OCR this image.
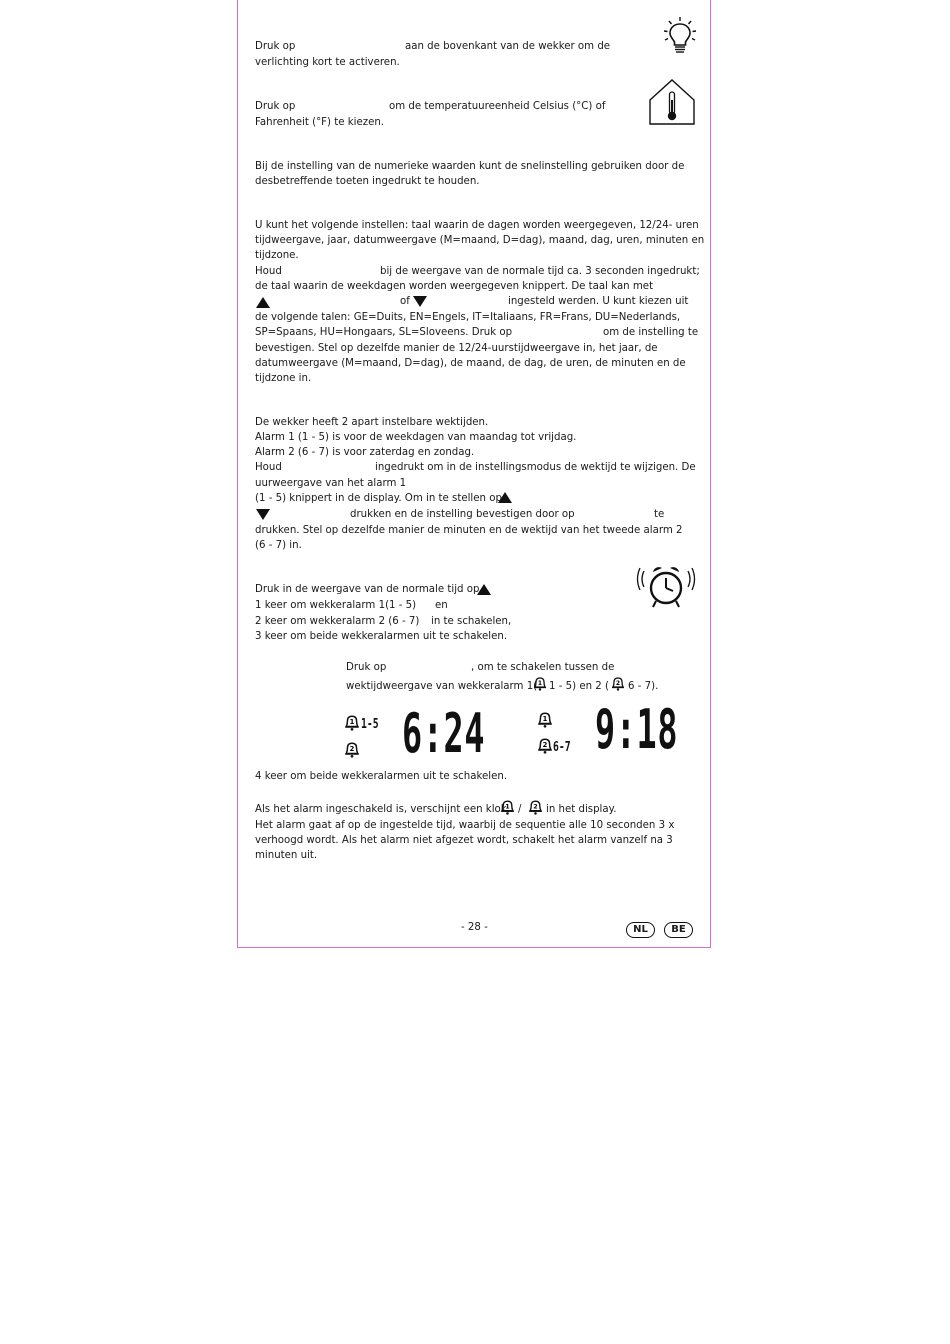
Druk op	aan de bovenkant van de wekker om de
verlichting kort te activeren.
Druk op	om de temperatuureenheid Celsius (°C) of
Fahrenheit (°F) te kiezen.
Bij de instelling van de numerieke waarden kunt de snelinstelling gebruiken door de
desbetreffende toeten ingedrukt te houden.
U kunt het volgende instellen: taal waarin de dagen worden weergegeven, 12/24- uren
tijdweergave, jaar, datumweergave (M=maand, D=dag), maand, dag, uren, minuten en
tijdzone.
Houd	bij de weergave van de normale tijd ca. 3 seconden ingedrukt;
de taal waarin de weekdagen worden weergegeven knippert. De taal kan met
of	ingesteld werden. U kunt kiezen uit
de volgende talen: GE=Duits, EN=Engels, IT=Italiaans, FR=Frans, DU=Nederlands,
SP=Spaans, HU=Hongaars, SL=Sloveens. Druk op	om de instelling te
bevestigen. Stel op dezelfde manier de 12/24-uurstijdweergave in, het jaar, de
datumweergave (M=maand, D=dag), de maand, de dag, de uren, de minuten en de
tijdzone in.
De wekker heeft 2 apart instelbare wektijden.
Alarm 1 (1 - 5) is voor de weekdagen van maandag tot vrijdag.
Alarm 2 (6 - 7) is voor zaterdag en zondag.
Houd	ingedrukt om in de instellingsmodus de wektijd te wijzigen. De
uurweergave van het alarm 1
(1 - 5) knippert in de display. Om in te stellen op
drukken en de instelling bevestigen door op	te
drukken. Stel op dezelfde manier de minuten en de wektijd van het tweede alarm 2
(6 - 7) in.
Druk in de weergave van de normale tijd op
1 keer om wekkeralarm 1(1 - 5) en
2 keer om wekkeralarm 2 (6 - 7) in te schakelen,
3 keer om beide wekkeralarmen uit te schakelen.
Druk op	, om te schakelen tussen de
wektijdweergave van wekkeralarm 1( 1 1 - 5) en 2 ( 2 6 - 7).
1 1-5
2 6:24	1
2 6-7 9:18
4 keer om beide wekkeralarmen uit te schakelen.
Als het alarm ingeschakeld is, verschijnt een klok
1 / 2 in het display.
Het alarm gaat af op de ingestelde tijd, waarbij de sequentie alle 10 seconden 3 x
verhoogd wordt. Als het alarm niet afgezet wordt, schakelt het alarm vanzelf na 3
minuten uit.
- 28 -	NL	BE
